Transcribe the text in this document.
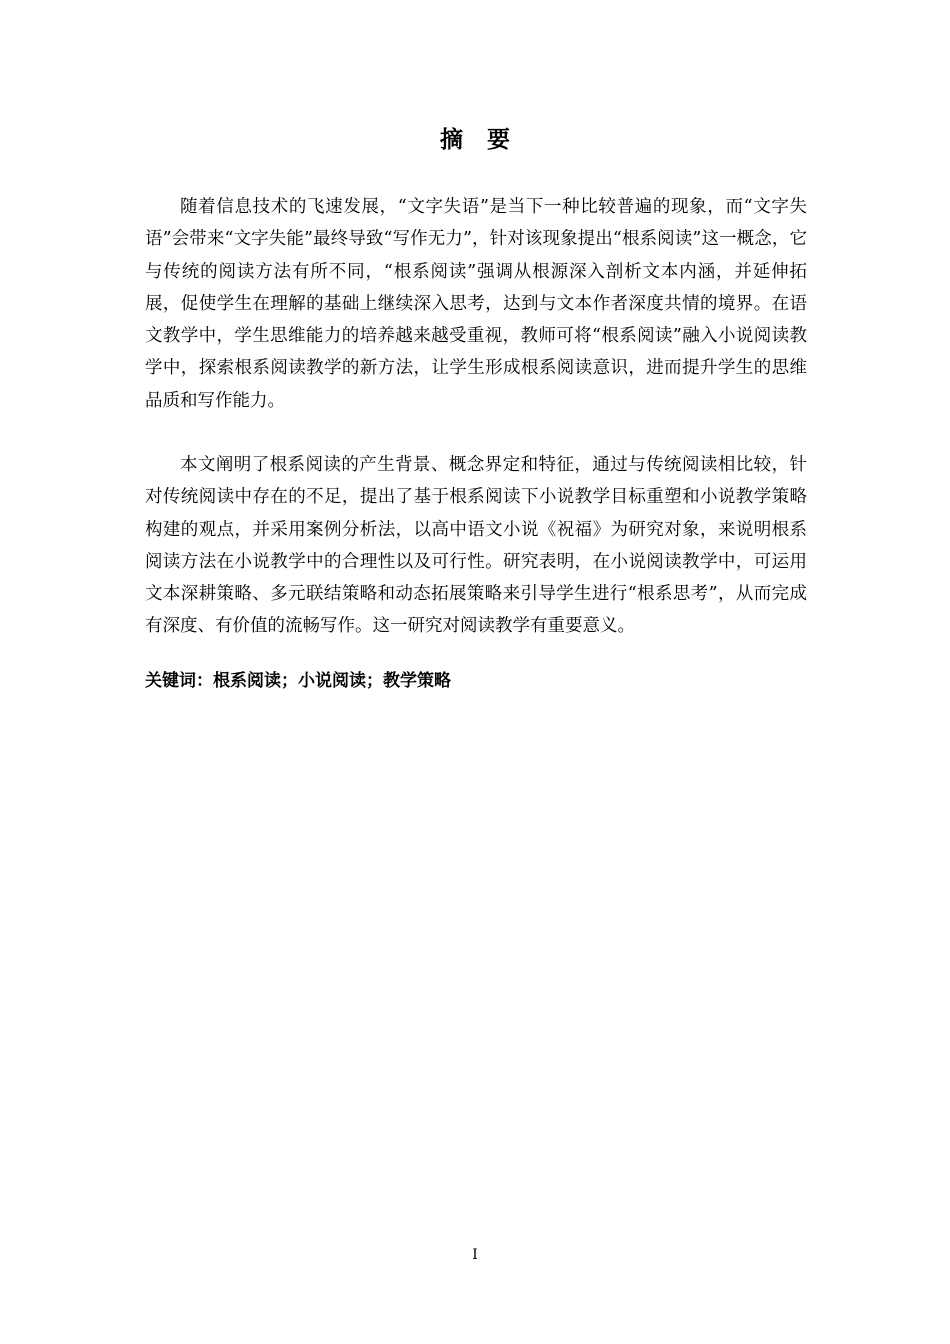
摘要

随着信息技术的飞速发展，“文字失语”是当下一种比较普遍的现象，而“文字失语”会带来“文字失能”最终导致“写作无力”，针对该现象提出“根系阅读”这一概念，它与传统的阅读方法有所不同，“根系阅读”强调从根源深入剖析文本内涵，并延伸拓展，促使学生在理解的基础上继续深入思考，达到与文本作者深度共情的境界。在语文教学中，学生思维能力的培养越来越受重视，教师可将“根系阅读”融入小说阅读教学中，探索根系阅读教学的新方法，让学生形成根系阅读意识，进而提升学生的思维品质和写作能力。

本文阐明了根系阅读的产生背景、概念界定和特征，通过与传统阅读相比较，针对传统阅读中存在的不足，提出了基于根系阅读下小说教学目标重塑和小说教学策略构建的观点，并采用案例分析法，以高中语文小说《祝福》为研究对象，来说明根系阅读方法在小说教学中的合理性以及可行性。研究表明，在小说阅读教学中，可运用文本深耕策略、多元联结策略和动态拓展策略来引导学生进行“根系思考”，从而完成有深度、有价值的流畅写作。这一研究对阅读教学有重要意义。

关键词：根系阅读；小说阅读；教学策略
I
